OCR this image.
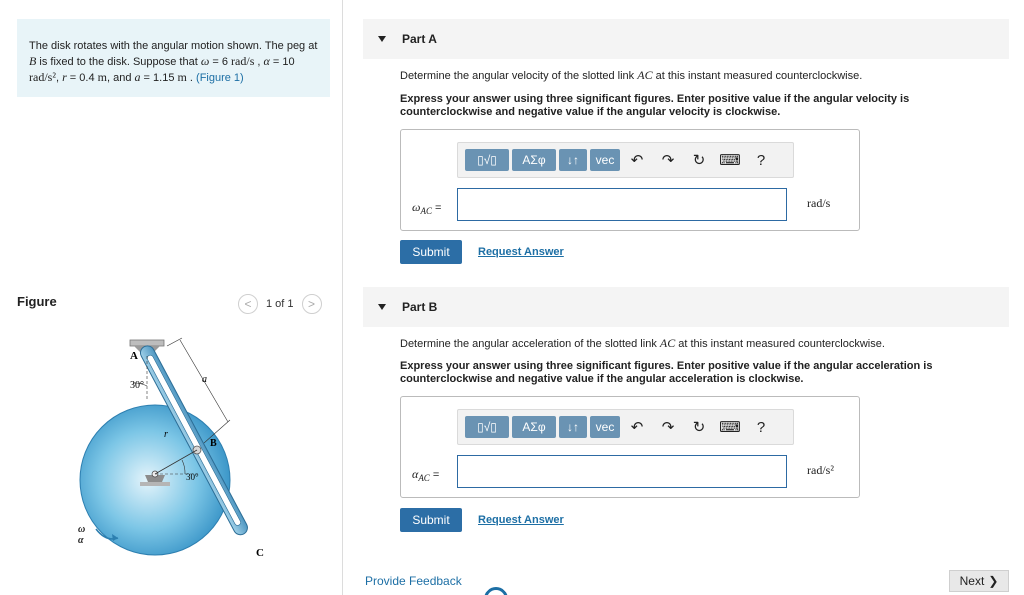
The disk rotates with the angular motion shown. The peg at B is fixed to the disk. Suppose that ω = 6 rad/s , α = 10 rad/s², r = 0.4 m, and a = 1.15 m . (Figure 1)
Figure	< 1 of 1 >
A
a
30°
r
B
30°
C
ω
α
Part A
Determine the angular velocity of the slotted link AC at this instant measured counterclockwise.
Express your answer using three significant figures. Enter positive value if the angular velocity is counterclockwise and negative value if the angular velocity is clockwise.
▯√▯	ΑΣφ	↓↑	vec	↶	↷	↻ ⌨	?
$\omega_{AC}$ =	rad/s
Submit	Request Answer
Part B
Determine the angular acceleration of the slotted link AC at this instant measured counterclockwise.
Express your answer using three significant figures. Enter positive value if the angular acceleration is counterclockwise and negative value if the angular acceleration is clockwise.
▯√▯	ΑΣφ	↓↑	vec	↶	↷	↻ ⌨	?
$\alpha_{AC}$ =	rad/s²
Submit	Request Answer
Provide Feedback	Next ❯
